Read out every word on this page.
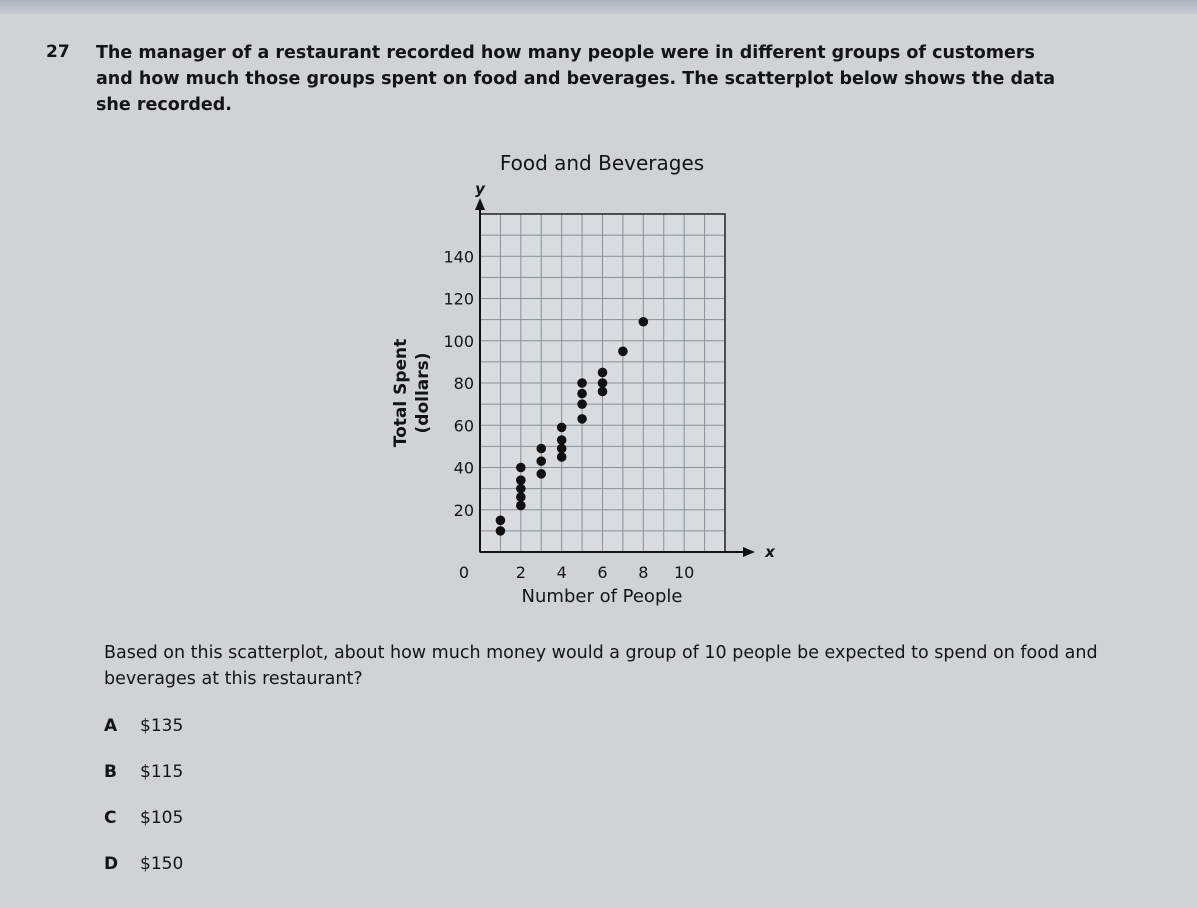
27 The manager of a restaurant recorded how many people were in different groups of customers and how much those groups spent on food and beverages. The scatterplot below shows the data she recorded.
Food and Beverages
y
x
20
40
60
80
100
120
140
2 4 6 8 10
0
Number of People
Total Spent (dollars)
Based on this scatterplot, about how much money would a group of 10 people be expected to spend on food and beverages at this restaurant?
A $135
B $115
C $105
D $150
